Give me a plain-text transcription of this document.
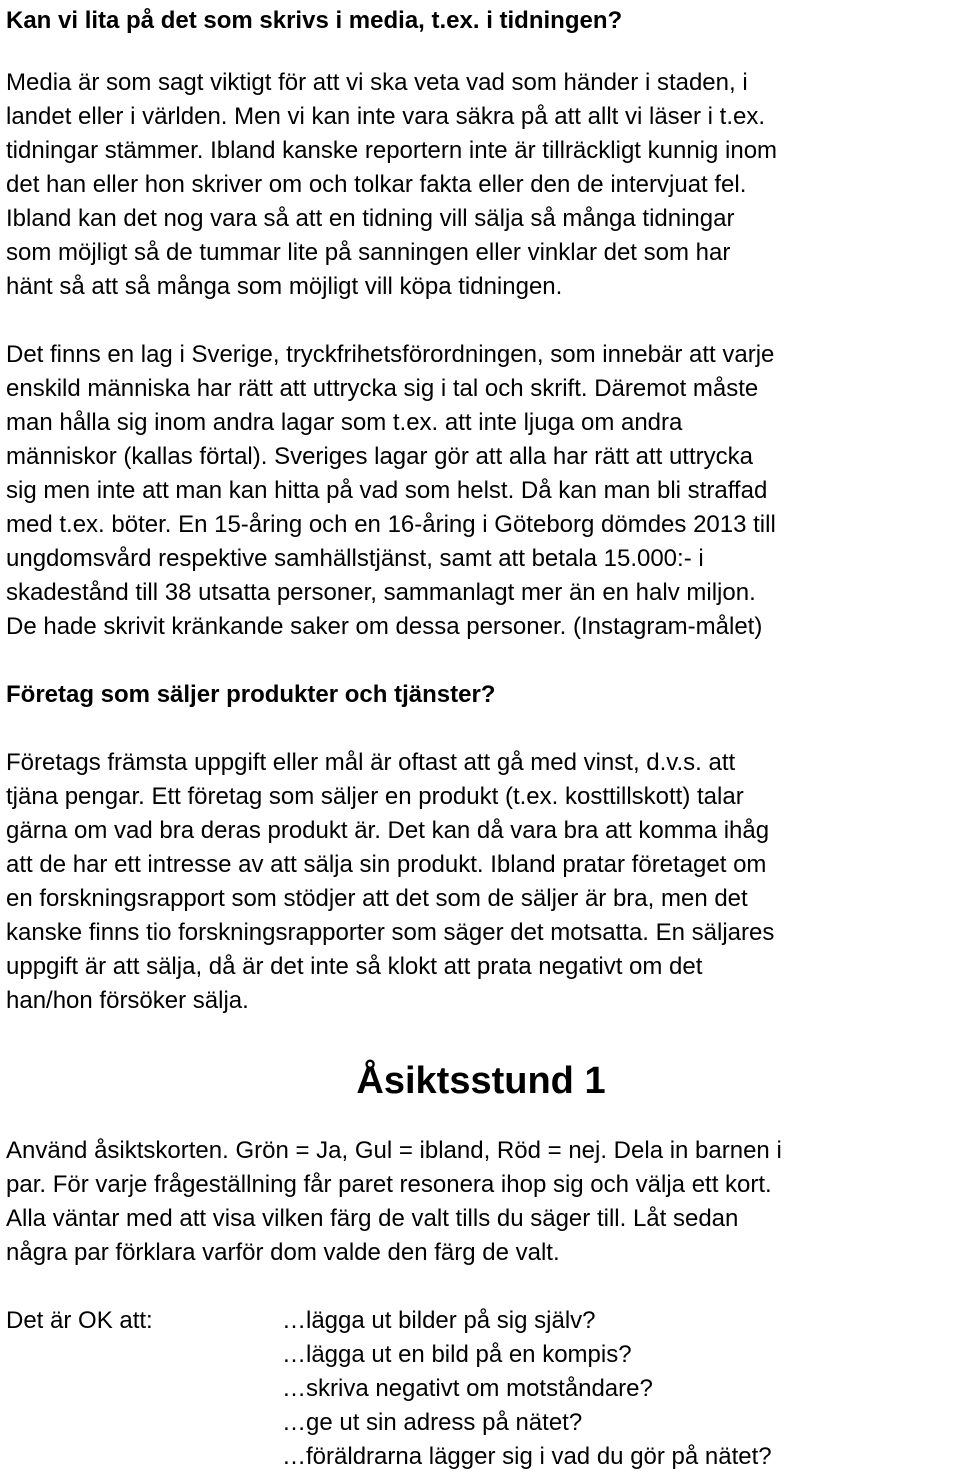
Kan vi lita på det som skrivs i media, t.ex. i tidningen?
Media är som sagt viktigt för att vi ska veta vad som händer i staden, i
landet eller i världen. Men vi kan inte vara säkra på att allt vi läser i t.ex.
tidningar stämmer. Ibland kanske reportern inte är tillräckligt kunnig inom
det han eller hon skriver om och tolkar fakta eller den de intervjuat fel.
Ibland kan det nog vara så att en tidning vill sälja så många tidningar
som möjligt så de tummar lite på sanningen eller vinklar det som har
hänt så att så många som möjligt vill köpa tidningen.
Det finns en lag i Sverige, tryckfrihetsförordningen, som innebär att varje
enskild människa har rätt att uttrycka sig i tal och skrift. Däremot måste
man hålla sig inom andra lagar som t.ex. att inte ljuga om andra
människor (kallas förtal). Sveriges lagar gör att alla har rätt att uttrycka
sig men inte att man kan hitta på vad som helst. Då kan man bli straffad
med t.ex. böter. En 15-åring och en 16-åring i Göteborg dömdes 2013 till
ungdomsvård respektive samhällstjänst, samt att betala 15.000:- i
skadestånd till 38 utsatta personer, sammanlagt mer än en halv miljon.
De hade skrivit kränkande saker om dessa personer. (Instagram-målet)
Företag som säljer produkter och tjänster?
Företags främsta uppgift eller mål är oftast att gå med vinst, d.v.s. att
tjäna pengar. Ett företag som säljer en produkt (t.ex. kosttillskott) talar
gärna om vad bra deras produkt är. Det kan då vara bra att komma ihåg
att de har ett intresse av att sälja sin produkt. Ibland pratar företaget om
en forskningsrapport som stödjer att det som de säljer är bra, men det
kanske finns tio forskningsrapporter som säger det motsatta. En säljares
uppgift är att sälja, då är det inte så klokt att prata negativt om det
han/hon försöker sälja.
Åsiktsstund 1
Använd åsiktskorten. Grön = Ja, Gul = ibland, Röd = nej. Dela in barnen i
par. För varje frågeställning får paret resonera ihop sig och välja ett kort.
Alla väntar med att visa vilken färg de valt tills du säger till. Låt sedan
några par förklara varför dom valde den färg de valt.
Det är OK att:	…lägga ut bilder på sig själv?
…lägga ut en bild på en kompis?
…skriva negativt om motståndare?
…ge ut sin adress på nätet?
…föräldrarna lägger sig i vad du gör på nätet?
